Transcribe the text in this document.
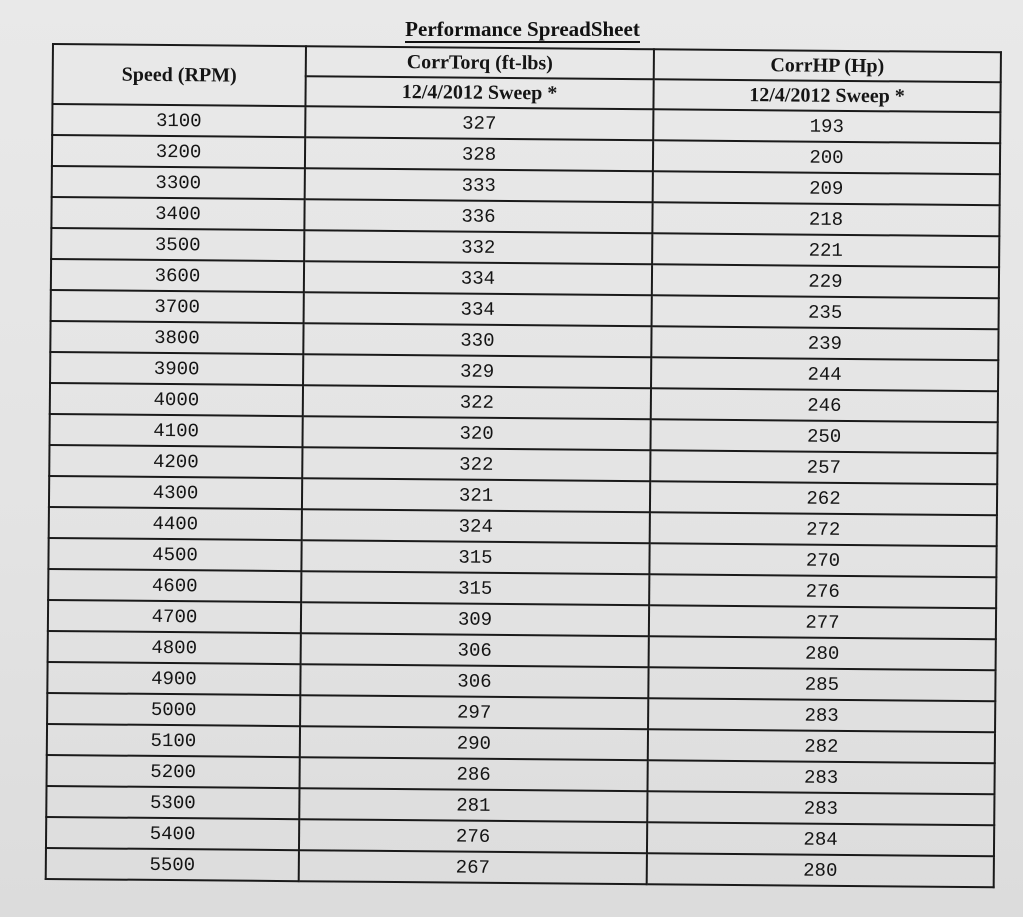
Performance SpreadSheet
Speed (RPM)	CorrTorq (ft-lbs)	CorrHP (Hp)
	12/4/2012 Sweep *	12/4/2012 Sweep *
3100	327	193
3200	328	200
3300	333	209
3400	336	218
3500	332	221
3600	334	229
3700	334	235
3800	330	239
3900	329	244
4000	322	246
4100	320	250
4200	322	257
4300	321	262
4400	324	272
4500	315	270
4600	315	276
4700	309	277
4800	306	280
4900	306	285
5000	297	283
5100	290	282
5200	286	283
5300	281	283
5400	276	284
5500	267	280
